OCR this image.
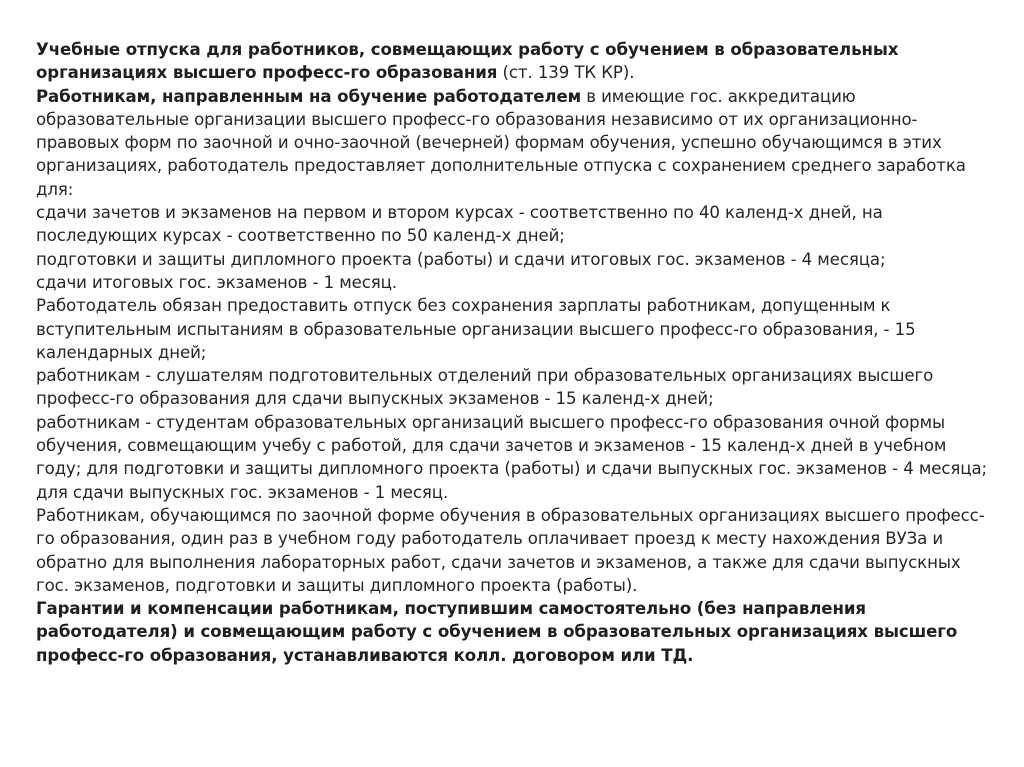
Учебные отпуска для работников, совмещающих работу с обучением в образовательных организациях высшего професс-го образования (ст. 139 ТК КР).

Работникам, направленным на обучение работодателем в имеющие гос. аккредитацию образовательные организации высшего професс-го образования независимо от их организационно-правовых форм по заочной и очно-заочной (вечерней) формам обучения, успешно обучающимся в этих организациях, работодатель предоставляет дополнительные отпуска с сохранением среднего заработка для:

сдачи зачетов и экзаменов на первом и втором курсах - соответственно по 40 календ-х дней, на последующих курсах - соответственно по 50 календ-х дней;

подготовки и защиты дипломного проекта (работы) и сдачи итоговых гос. экзаменов - 4 месяца;

сдачи итоговых гос. экзаменов - 1 месяц.

Работодатель обязан предоставить отпуск без сохранения зарплаты работникам, допущенным к вступительным испытаниям в образовательные организации высшего професс-го образования, - 15 календарных дней;

работникам - слушателям подготовительных отделений при образовательных организациях высшего професс-го образования для сдачи выпускных экзаменов - 15 календ-х дней;

работникам - студентам образовательных организаций высшего професс-го образования очной формы обучения, совмещающим учебу с работой, для сдачи зачетов и экзаменов - 15 календ-х дней в учебном году; для подготовки и защиты дипломного проекта (работы) и сдачи выпускных гос. экзаменов - 4 месяца; для сдачи выпускных гос. экзаменов - 1 месяц.

Работникам, обучающимся по заочной форме обучения в образовательных организациях высшего професс-го образования, один раз в учебном году работодатель оплачивает проезд к месту нахождения ВУЗа и обратно для выполнения лабораторных работ, сдачи зачетов и экзаменов, а также для сдачи выпускных гос. экзаменов, подготовки и защиты дипломного проекта (работы).

Гарантии и компенсации работникам, поступившим самостоятельно (без направления работодателя) и совмещающим работу с обучением в образовательных организациях высшего професс-го образования, устанавливаются колл. договором или ТД.
